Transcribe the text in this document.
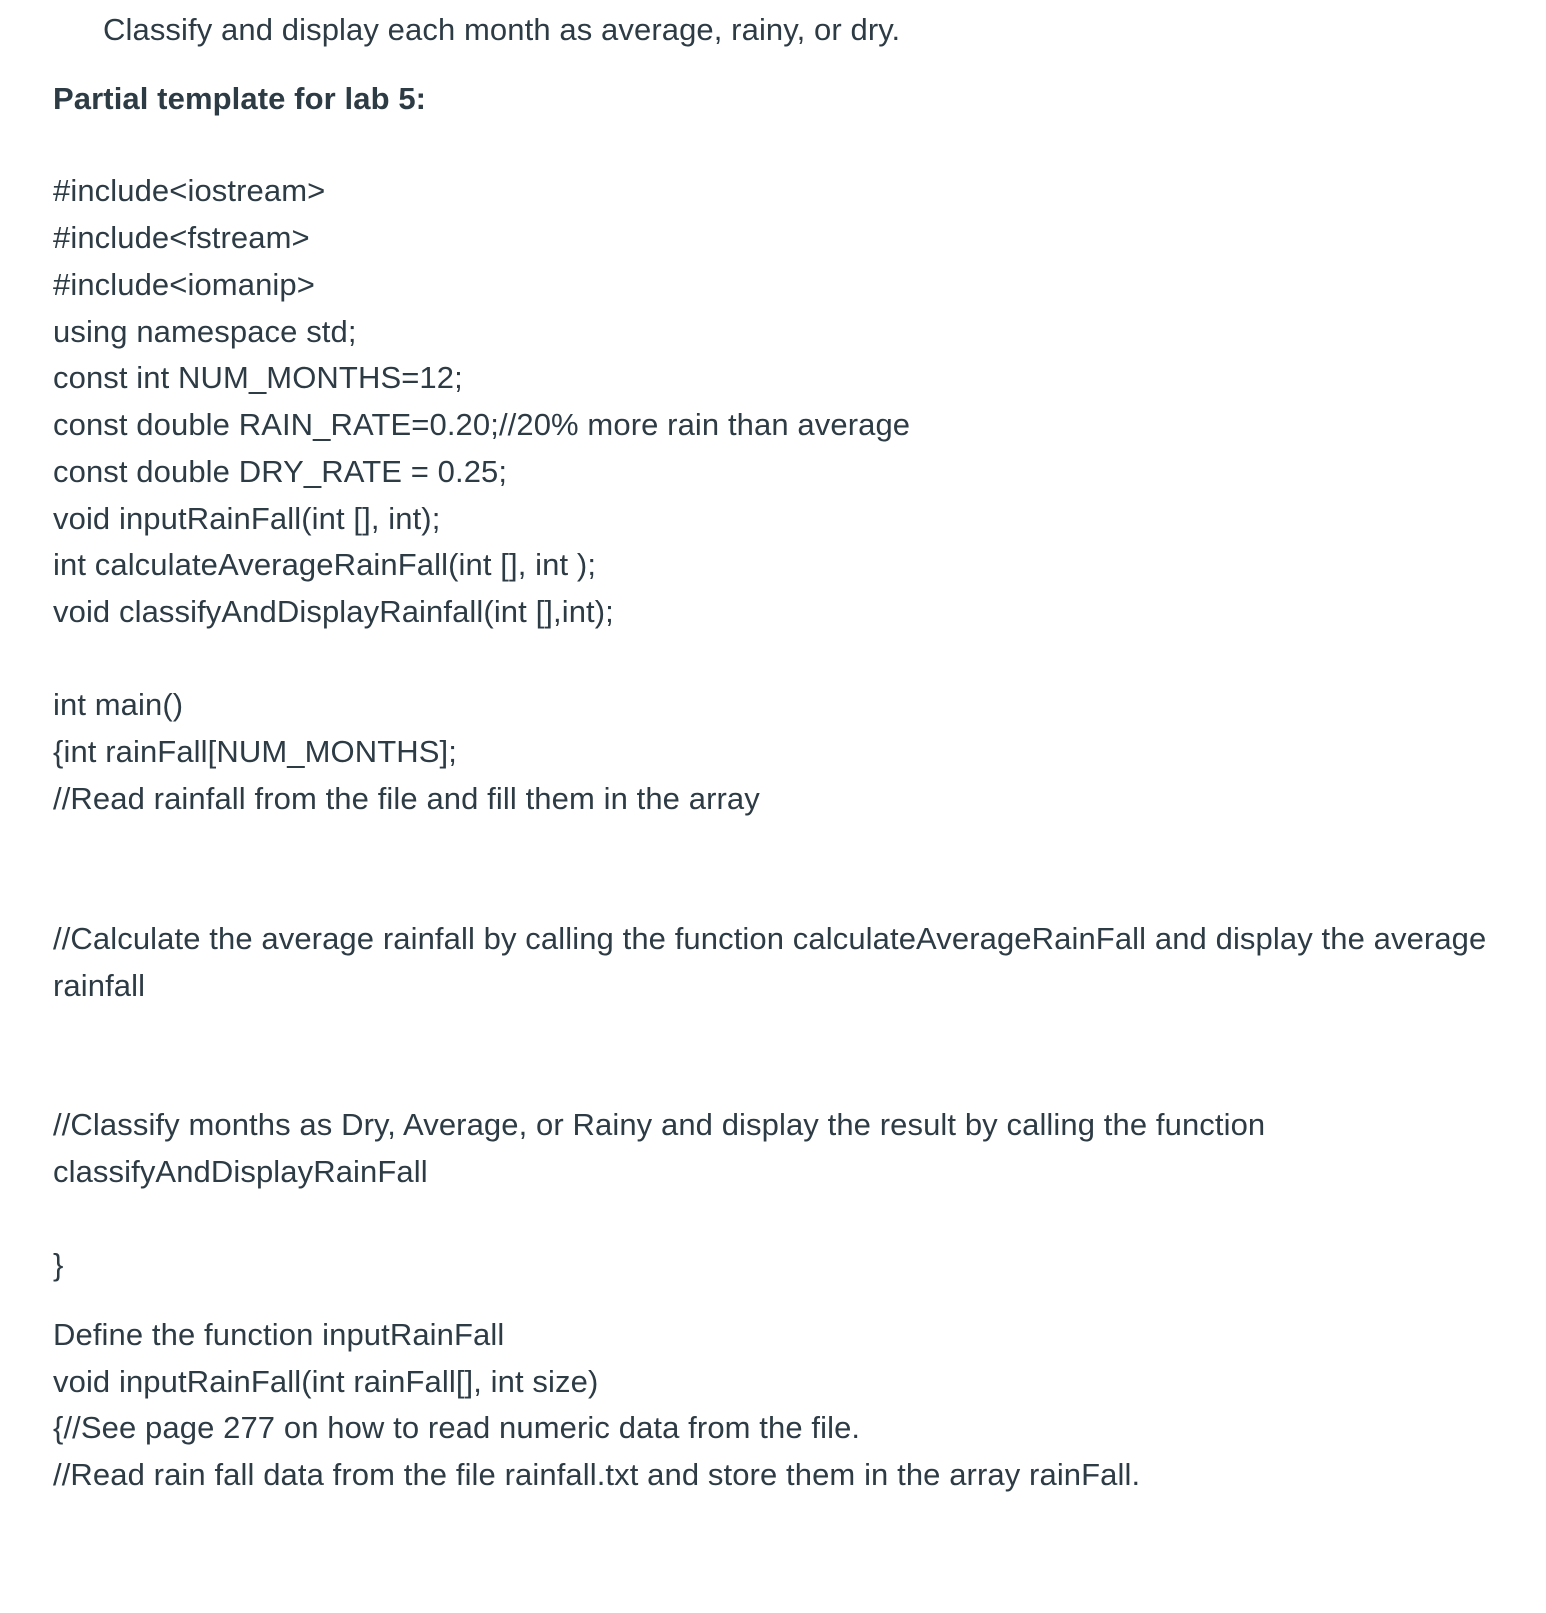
Classify and display each month as average, rainy, or dry.
Partial template for lab 5:
#include<iostream>
#include<fstream>
#include<iomanip>
using namespace std;
const int NUM_MONTHS=12;
const double RAIN_RATE=0.20;//20% more rain than average
const double DRY_RATE = 0.25;
void inputRainFall(int [], int);
int calculateAverageRainFall(int [], int );
void classifyAndDisplayRainfall(int [],int);
int main()
{int rainFall[NUM_MONTHS];
//Read rainfall from the file and fill them in the array
//Calculate the average rainfall by calling the function calculateAverageRainFall and display the average
rainfall
//Classify months as Dry, Average, or Rainy and display the result by calling the function
classifyAndDisplayRainFall
}
Define the function inputRainFall
void inputRainFall(int rainFall[], int size)
{//See page 277 on how to read numeric data from the file.
//Read rain fall data from the file rainfall.txt and store them in the array rainFall.
